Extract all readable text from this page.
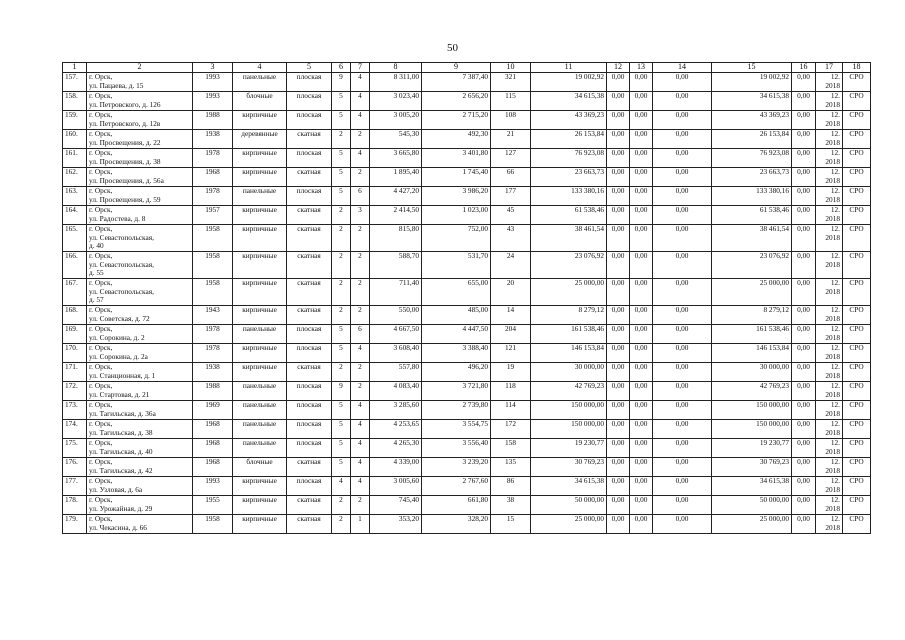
50
1	2	3	4	5	6	7	8	9	10	11	12	13	14	15	16	17	18
157.	г. Орск,
ул. Пацаева, д. 15	1993	панельные	плоская	9	4	8 311,00	7 387,40	321	19 002,92	0,00	0,00	0,00	19 002,92	0,00	12.
2018	СРО
158.	г. Орск,
ул. Петровского, д. 126	1993	блочные	плоская	5	4	3 023,40	2 656,20	115	34 615,38	0,00	0,00	0,00	34 615,38	0,00	12.
2018	СРО
159.	г. Орск,
ул. Петровского, д. 12в	1988	кирпичные	плоская	5	4	3 005,20	2 715,20	108	43 369,23	0,00	0,00	0,00	43 369,23	0,00	12.
2018	СРО
160.	г. Орск,
ул. Просвещения, д. 22	1938	деревянные	скатная	2	2	545,30	492,30	21	26 153,84	0,00	0,00	0,00	26 153,84	0,00	12.
2018	СРО
161.	г. Орск,
ул. Просвещения, д. 38	1978	кирпичные	плоская	5	4	3 665,80	3 401,80	127	76 923,08	0,00	0,00	0,00	76 923,08	0,00	12.
2018	СРО
162.	г. Орск,
ул. Просвещения, д. 56а	1968	кирпичные	скатная	5	2	1 895,40	1 745,40	66	23 663,73	0,00	0,00	0,00	23 663,73	0,00	12.
2018	СРО
163.	г. Орск,
ул. Просвещения, д. 59	1978	панельные	плоская	5	6	4 427,20	3 986,20	177	133 380,16	0,00	0,00	0,00	133 380,16	0,00	12.
2018	СРО
164.	г. Орск,
ул. Радостева, д. 8	1957	кирпичные	скатная	2	3	2 414,50	1 023,00	45	61 538,46	0,00	0,00	0,00	61 538,46	0,00	12.
2018	СРО
165.	г. Орск,
ул. Севастопольская,
д. 40	1958	кирпичные	скатная	2	2	815,80	752,00	43	38 461,54	0,00	0,00	0,00	38 461,54	0,00	12.
2018	СРО
166.	г. Орск,
ул. Севастопольская,
д. 55	1958	кирпичные	скатная	2	2	588,70	531,70	24	23 076,92	0,00	0,00	0,00	23 076,92	0,00	12.
2018	СРО
167.	г. Орск,
ул. Севастопольская,
д. 57	1958	кирпичные	скатная	2	2	711,40	655,00	20	25 000,00	0,00	0,00	0,00	25 000,00	0,00	12.
2018	СРО
168.	г. Орск,
ул. Советская, д. 72	1943	кирпичные	скатная	2	2	550,00	485,00	14	8 279,12	0,00	0,00	0,00	8 279,12	0,00	12.
2018	СРО
169.	г. Орск,
ул. Сорокина, д. 2	1978	панельные	плоская	5	6	4 667,50	4 447,50	204	161 538,46	0,00	0,00	0,00	161 538,46	0,00	12.
2018	СРО
170.	г. Орск,
ул. Сорокина, д. 2а	1978	кирпичные	плоская	5	4	3 608,40	3 388,40	121	146 153,84	0,00	0,00	0,00	146 153,84	0,00	12.
2018	СРО
171.	г. Орск,
ул. Станционная, д. 1	1938	кирпичные	скатная	2	2	557,80	496,20	19	30 000,00	0,00	0,00	0,00	30 000,00	0,00	12.
2018	СРО
172.	г. Орск,
ул. Стартовая, д. 21	1988	панельные	плоская	9	2	4 083,40	3 721,80	118	42 769,23	0,00	0,00	0,00	42 769,23	0,00	12.
2018	СРО
173.	г. Орск,
ул. Тагильская, д. 36а	1969	панельные	плоская	5	4	3 285,60	2 739,80	114	150 000,00	0,00	0,00	0,00	150 000,00	0,00	12.
2018	СРО
174.	г. Орск,
ул. Тагильская, д. 38	1968	панельные	плоская	5	4	4 253,65	3 554,75	172	150 000,00	0,00	0,00	0,00	150 000,00	0,00	12.
2018	СРО
175.	г. Орск,
ул. Тагильская, д. 40	1968	панельные	плоская	5	4	4 265,30	3 556,40	158	19 230,77	0,00	0,00	0,00	19 230,77	0,00	12.
2018	СРО
176.	г. Орск,
ул. Тагильская, д. 42	1968	блочные	скатная	5	4	4 339,00	3 239,20	135	30 769,23	0,00	0,00	0,00	30 769,23	0,00	12.
2018	СРО
177.	г. Орск,
ул. Узловая, д. 6а	1993	кирпичные	плоская	4	4	3 005,60	2 767,60	86	34 615,38	0,00	0,00	0,00	34 615,38	0,00	12.
2018	СРО
178.	г. Орск,
ул. Урожайная, д. 29	1955	кирпичные	скатная	2	2	745,40	661,80	38	50 000,00	0,00	0,00	0,00	50 000,00	0,00	12.
2018	СРО
179.	г. Орск,
ул. Чекасина, д. 66	1958	кирпичные	скатная	2	1	353,20	328,20	15	25 000,00	0,00	0,00	0,00	25 000,00	0,00	12.
2018	СРО
